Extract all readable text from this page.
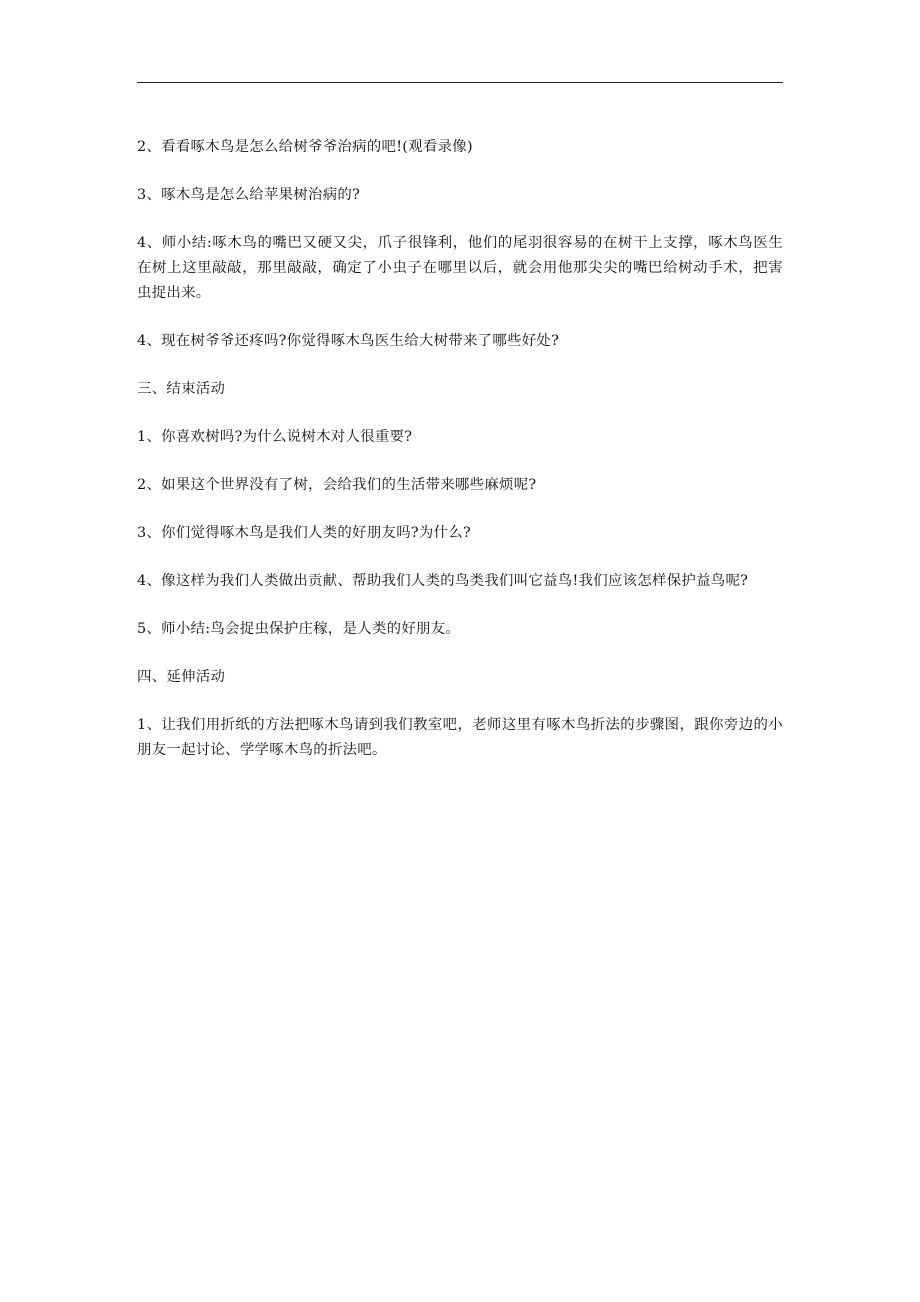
2、看看啄木鸟是怎么给树爷爷治病的吧!(观看录像)

3、啄木鸟是怎么给苹果树治病的?

4、师小结:啄木鸟的嘴巴又硬又尖，爪子很锋利，他们的尾羽很容易的在树干上支撑，啄木鸟医生在树上这里敲敲，那里敲敲，确定了小虫子在哪里以后，就会用他那尖尖的嘴巴给树动手术，把害虫捉出来。

4、现在树爷爷还疼吗?你觉得啄木鸟医生给大树带来了哪些好处?

三、结束活动

1、你喜欢树吗?为什么说树木对人很重要?

2、如果这个世界没有了树，会给我们的生活带来哪些麻烦呢?

3、你们觉得啄木鸟是我们人类的好朋友吗?为什么?

4、像这样为我们人类做出贡献、帮助我们人类的鸟类我们叫它益鸟!我们应该怎样保护益鸟呢?

5、师小结:鸟会捉虫保护庄稼，是人类的好朋友。

四、延伸活动

1、让我们用折纸的方法把啄木鸟请到我们教室吧，老师这里有啄木鸟折法的步骤图，跟你旁边的小朋友一起讨论、学学啄木鸟的折法吧。
